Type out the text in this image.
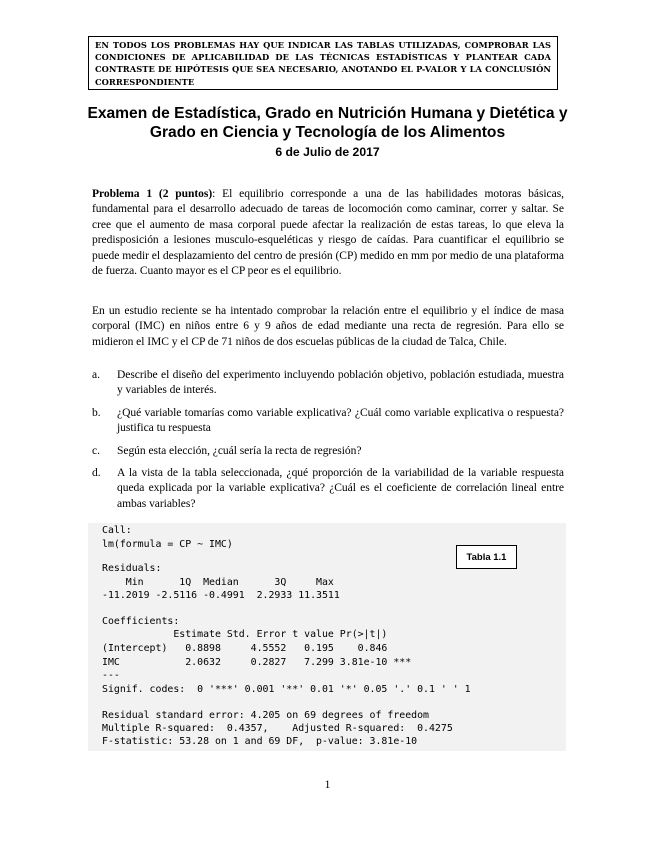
EN TODOS LOS PROBLEMAS HAY QUE INDICAR LAS TABLAS UTILIZADAS, COMPROBAR LAS CONDICIONES DE APLICABILIDAD DE LAS TÉCNICAS ESTADÍSTICAS Y PLANTEAR CADA CONTRASTE DE HIPÓTESIS QUE SEA NECESARIO, ANOTANDO EL P-VALOR Y LA CONCLUSIÓN CORRESPONDIENTE
Examen de Estadística, Grado en Nutrición Humana y Dietética y Grado en Ciencia y Tecnología de los Alimentos
6 de Julio de 2017
Problema 1 (2 puntos): El equilibrio corresponde a una de las habilidades motoras básicas, fundamental para el desarrollo adecuado de tareas de locomoción como caminar, correr y saltar. Se cree que el aumento de masa corporal puede afectar la realización de estas tareas, lo que eleva la predisposición a lesiones musculo-esqueléticas y riesgo de caídas. Para cuantificar el equilibrio se puede medir el desplazamiento del centro de presión (CP) medido en mm por medio de una plataforma de fuerza. Cuanto mayor es el CP peor es el equilibrio.
En un estudio reciente se ha intentado comprobar la relación entre el equilibrio y el índice de masa corporal (IMC) en niños entre 6 y 9 años de edad mediante una recta de regresión. Para ello se midieron el IMC y el CP de 71 niños de dos escuelas públicas de la ciudad de Talca, Chile.
a. Describe el diseño del experimento incluyendo población objetivo, población estudiada, muestra y variables de interés.
b. ¿Qué variable tomarías como variable explicativa? ¿Cuál como variable explicativa o respuesta? justifica tu respuesta
c. Según esta elección, ¿cuál sería la recta de regresión?
d. A la vista de la tabla seleccionada, ¿qué proporción de la variabilidad de la variable respuesta queda explicada por la variable explicativa? ¿Cuál es el coeficiente de correlación lineal entre ambas variables?
Call:
lm(formula = CP ~ IMC)
Residuals:
Min      1Q  Median      3Q     Max
-11.2019 -2.5116 -0.4991  2.2933 11.3511
Coefficients:
Estimate Std. Error t value Pr(>|t|)
(Intercept)   0.8898     4.5552   0.195    0.846
IMC           2.0632     0.2827   7.299 3.81e-10 ***
---
Signif. codes:  0 '***' 0.001 '**' 0.01 '*' 0.05 '.' 0.1 ' ' 1
Residual standard error: 4.205 on 69 degrees of freedom
Multiple R-squared:  0.4357,	Adjusted R-squared:  0.4275
F-statistic: 53.28 on 1 and 69 DF,  p-value: 3.81e-10
Tabla 1.1
1
